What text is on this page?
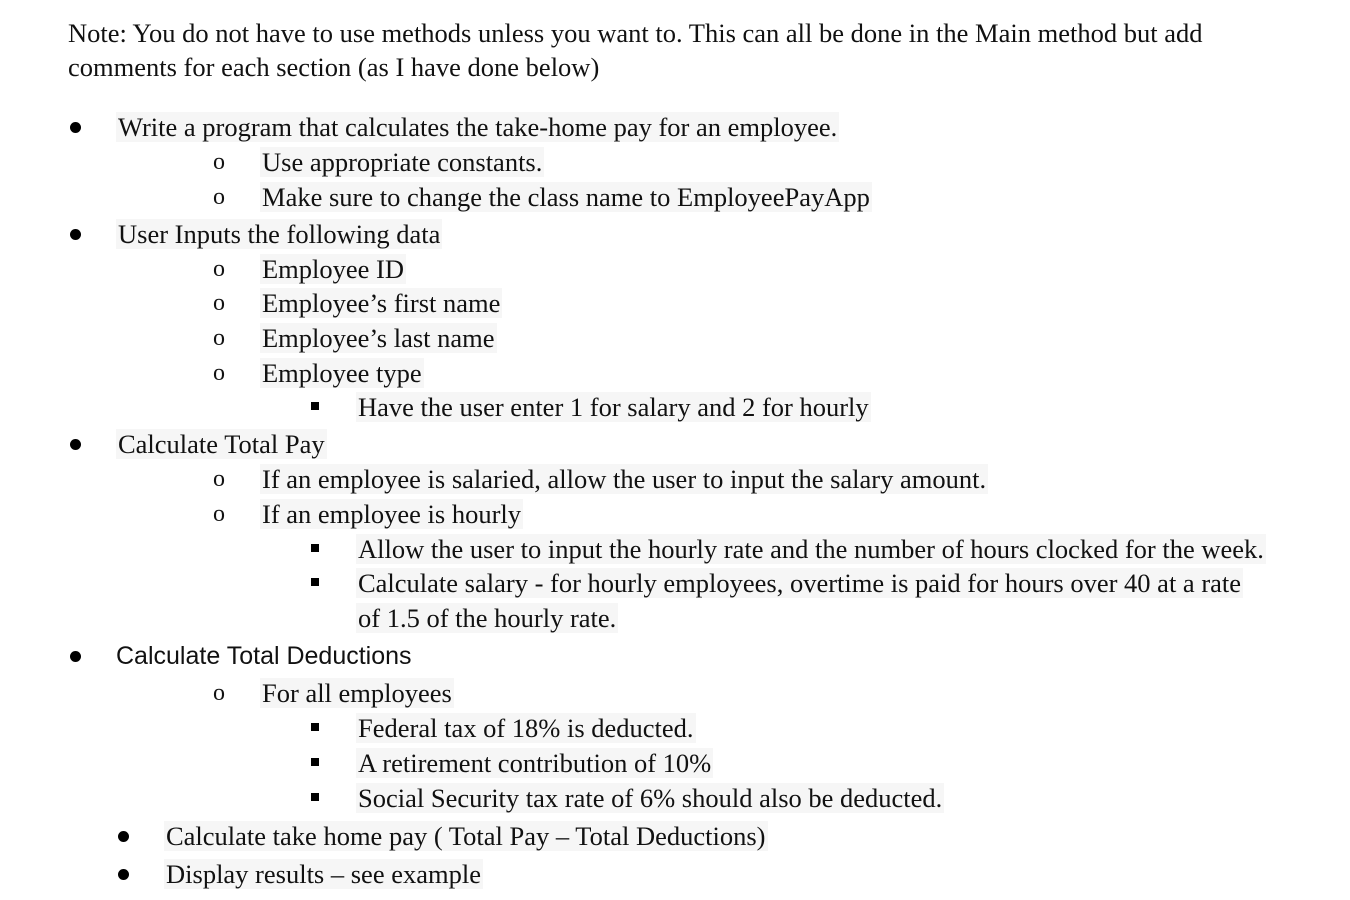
Note: You do not have to use methods unless you want to. This can all be done in the Main method but add comments for each section (as I have done below)

Write a program that calculates the take-home pay for an employee.
o Use appropriate constants.
o Make sure to change the class name to EmployeePayApp
User Inputs the following data
o Employee ID
o Employee’s first name
o Employee’s last name
o Employee type
Have the user enter 1 for salary and 2 for hourly
Calculate Total Pay
o If an employee is salaried, allow the user to input the salary amount.
o If an employee is hourly
Allow the user to input the hourly rate and the number of hours clocked for the week.
Calculate salary - for hourly employees, overtime is paid for hours over 40 at a rate
of 1.5 of the hourly rate.
Calculate Total Deductions
o For all employees
Federal tax of 18% is deducted.
A retirement contribution of 10%
Social Security tax rate of 6% should also be deducted.
Calculate take home pay ( Total Pay – Total Deductions)
Display results – see example
